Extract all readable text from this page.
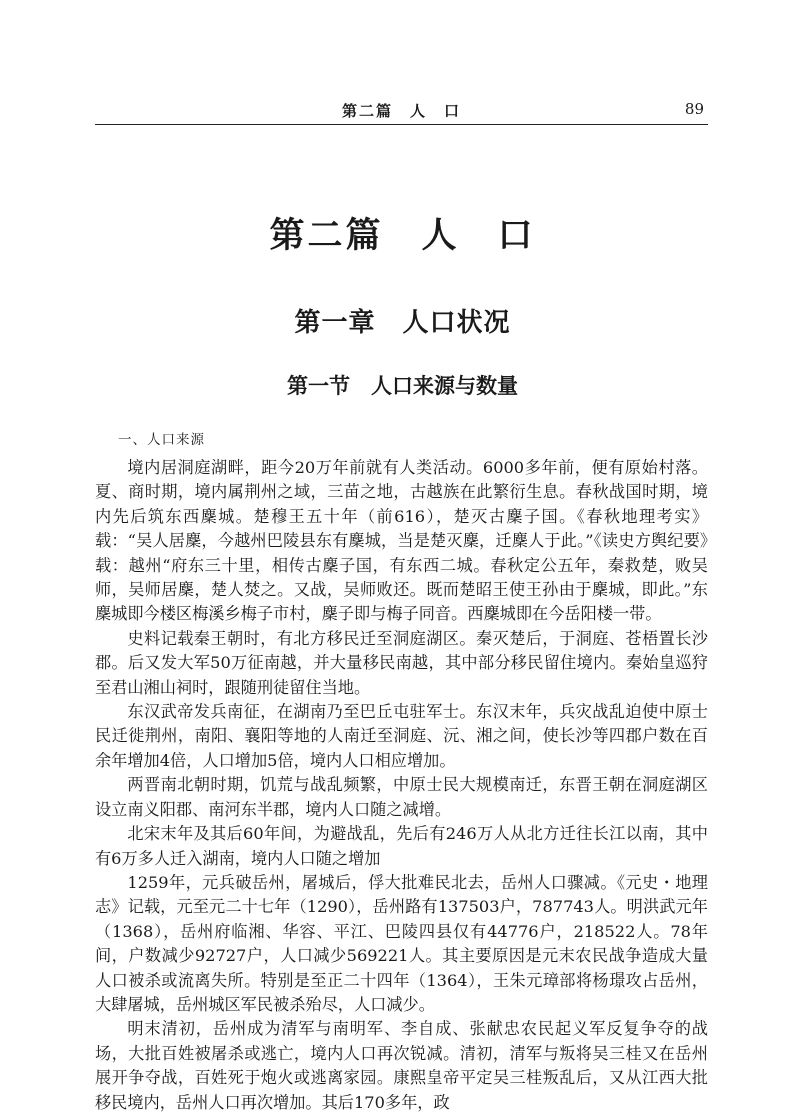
第二篇　人　口	89
第二篇　人　口
第一章　人口状况
第一节　人口来源与数量
一、人口来源

境内居洞庭湖畔，距今20万年前就有人类活动。6000多年前，便有原始村落。夏、商时期，境内属荆州之域，三苗之地，古越族在此繁衍生息。春秋战国时期，境内先后筑东西麇城。楚穆王五十年（前616），楚灭古麇子国。《春秋地理考实》载：“吴人居麇，今越州巴陵县东有麇城，当是楚灭麇，迁麇人于此。”《读史方舆纪要》载：越州“府东三十里，相传古麇子国，有东西二城。春秋定公五年，秦救楚，败吴师，吴师居麇，楚人焚之。又战，吴师败还。既而楚昭王使王孙由于麇城，即此。”东麇城即今楼区梅溪乡梅子市村，麇子即与梅子同音。西麇城即在今岳阳楼一带。

史料记载秦王朝时，有北方移民迁至洞庭湖区。秦灭楚后，于洞庭、苍梧置长沙郡。后又发大军50万征南越，并大量移民南越，其中部分移民留住境内。秦始皇巡狩至君山湘山祠时，跟随刑徒留住当地。

东汉武帝发兵南征，在湖南乃至巴丘屯驻军士。东汉末年，兵灾战乱迫使中原士民迁徙荆州，南阳、襄阳等地的人南迁至洞庭、沅、湘之间，使长沙等四郡户数在百余年增加4倍，人口增加5倍，境内人口相应增加。

两晋南北朝时期，饥荒与战乱频繁，中原士民大规模南迁，东晋王朝在洞庭湖区设立南义阳郡、南河东半郡，境内人口随之减增。

北宋末年及其后60年间，为避战乱，先后有246万人从北方迁往长江以南，其中有6万多人迁入湖南，境内人口随之增加

1259年，元兵破岳州，屠城后，俘大批难民北去，岳州人口骤减。《元史・地理志》记载，元至元二十七年（1290），岳州路有137503户，787743人。明洪武元年（1368），岳州府临湘、华容、平江、巴陵四县仅有44776户，218522人。78年间，户数减少92727户，人口减少569221人。其主要原因是元末农民战争造成大量人口被杀或流离失所。特别是至正二十四年（1364），王朱元璋部将杨璟攻占岳州，大肆屠城，岳州城区军民被杀殆尽，人口减少。

明末清初，岳州成为清军与南明军、李自成、张献忠农民起义军反复争夺的战场，大批百姓被屠杀或逃亡，境内人口再次锐减。清初，清军与叛将吴三桂又在岳州展开争夺战，百姓死于炮火或逃离家园。康熙皇帝平定吴三桂叛乱后，又从江西大批移民境内，岳州人口再次增加。其后170多年，政
